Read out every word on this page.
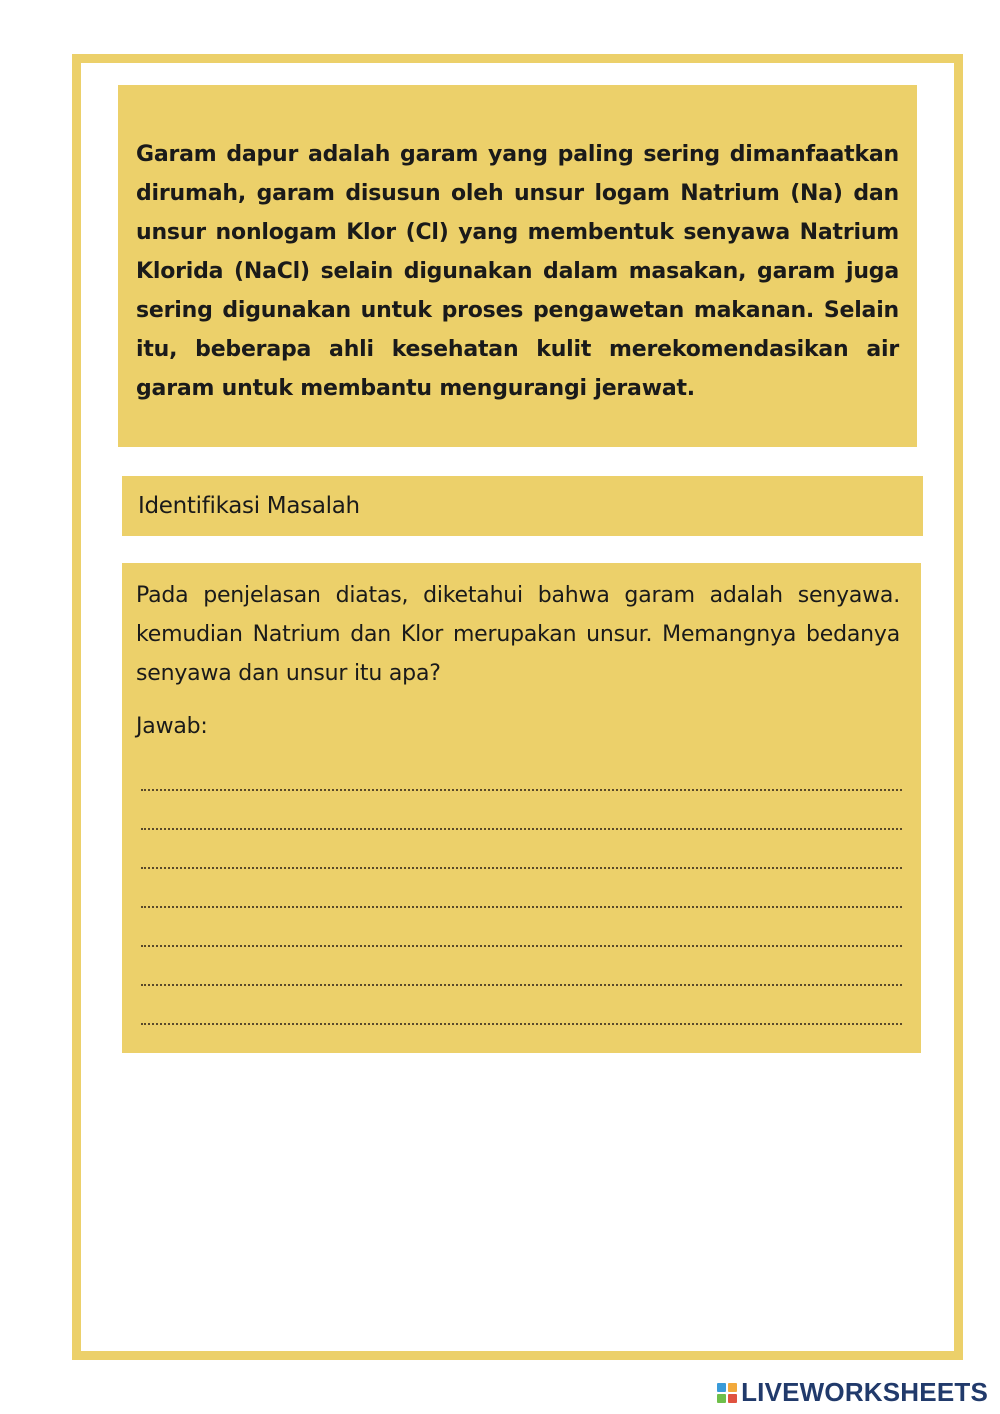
Garam dapur adalah garam yang paling sering dimanfaatkan dirumah, garam disusun oleh unsur logam Natrium (Na) dan unsur nonlogam Klor (Cl) yang membentuk senyawa Natrium Klorida (NaCl) selain digunakan dalam masakan, garam juga sering digunakan untuk proses pengawetan makanan. Selain itu, beberapa ahli kesehatan kulit merekomendasikan air garam untuk membantu mengurangi jerawat.

Identifikasi Masalah

Pada penjelasan diatas, diketahui bahwa garam adalah senyawa. kemudian Natrium dan Klor merupakan unsur. Memangnya bedanya senyawa dan unsur itu apa?

Jawab:

LIVEWORKSHEETS
